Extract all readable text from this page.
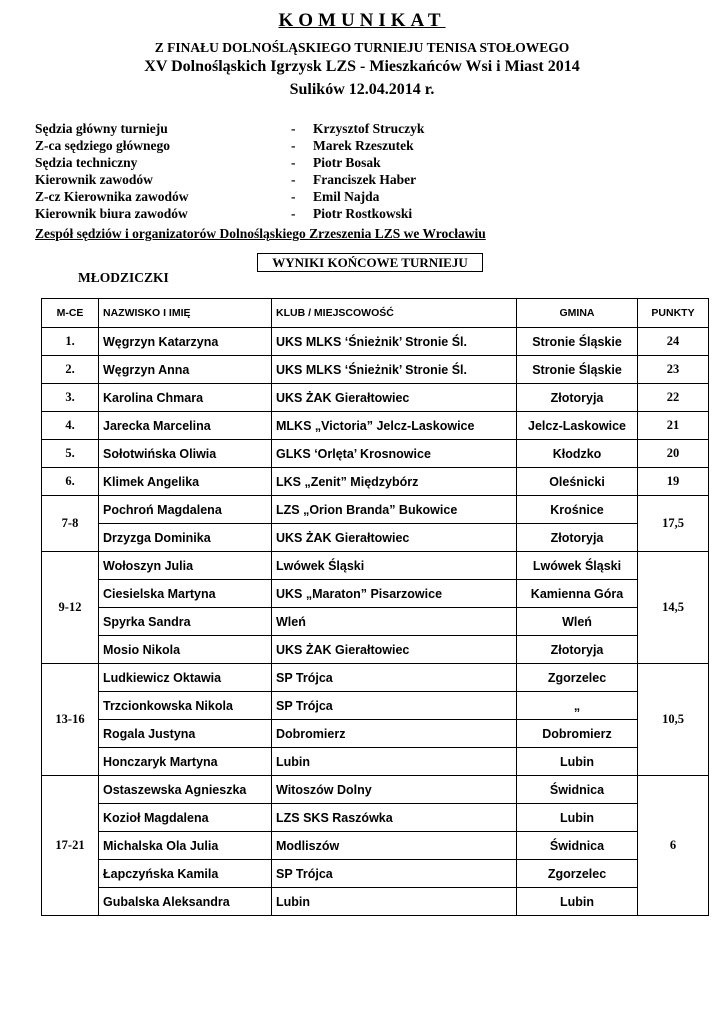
KOMUNIKAT
Z FINAŁU DOLNOŚLĄSKIEGO TURNIEJU TENISA STOŁOWEGO
XV Dolnośląskich Igrzysk LZS - Mieszkańców Wsi i Miast 2014
Sulików 12.04.2014 r.
Sędzia główny turnieju	- Krzysztof Struczyk
Z-ca sędziego głównego	- Marek Rzeszutek
Sędzia techniczny	- Piotr Bosak
Kierownik zawodów	- Franciszek Haber
Z-cz Kierownika zawodów	- Emil Najda
Kierownik biura zawodów	- Piotr Rostkowski
Zespół sędziów i organizatorów Dolnośląskiego Zrzeszenia LZS we Wrocławiu
WYNIKI KOŃCOWE TURNIEJU
MŁODZICZKI
M-CE	NAZWISKO I IMIĘ	KLUB / MIEJSCOWOŚĆ	GMINA	PUNKTY
1.	Węgrzyn Katarzyna	UKS MLKS ‘Śnieżnik’ Stronie Śl.	Stronie Śląskie	24
2.	Węgrzyn Anna	UKS MLKS ‘Śnieżnik’ Stronie Śl.	Stronie Śląskie	23
3.	Karolina Chmara	UKS ŻAK Gierałtowiec	Złotoryja	22
4.	Jarecka Marcelina	MLKS „Victoria” Jelcz-Laskowice	Jelcz-Laskowice	21
5.	Sołotwińska Oliwia	GLKS ‘Orlęta’ Krosnowice	Kłodzko	20
6.	Klimek Angelika	LKS „Zenit” Międzybórz	Oleśnicki	19
7-8	Pochroń Magdalena	LZS „Orion Branda” Bukowice	Krośnice	17,5
	Drzyzga Dominika	UKS ŻAK Gierałtowiec	Złotoryja	
9-12	Wołoszyn Julia	Lwówek Śląski	Lwówek Śląski	14,5
	Ciesielska Martyna	UKS „Maraton” Pisarzowice	Kamienna Góra	
	Spyrka Sandra	Wleń	Wleń	
	Mosio Nikola	UKS ŻAK Gierałtowiec	Złotoryja	
13-16	Ludkiewicz Oktawia	SP Trójca	Zgorzelec	10,5
	Trzcionkowska Nikola	SP Trójca	„	
	Rogala Justyna	Dobromierz	Dobromierz	
	Honczaryk Martyna	Lubin	Lubin	
17-21	Ostaszewska Agnieszka	Witoszów Dolny	Świdnica	6
	Kozioł Magdalena	LZS SKS Raszówka	Lubin	
	Michalska Ola Julia	Modliszów	Świdnica	
	Łapczyńska Kamila	SP Trójca	Zgorzelec	
	Gubalska Aleksandra	Lubin	Lubin	
